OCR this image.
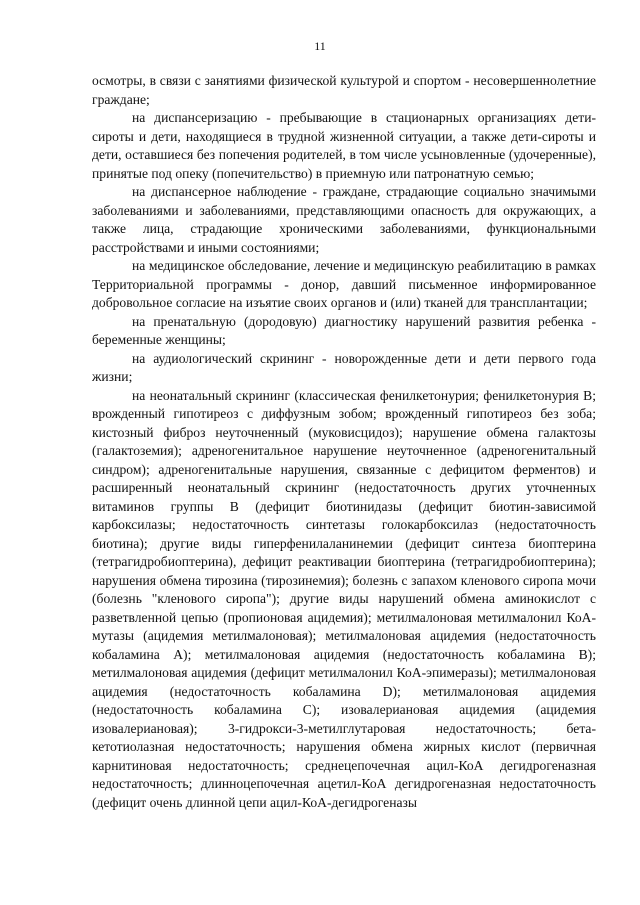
11

осмотры, в связи с занятиями физической культурой и спортом - несовершеннолетние граждане;

на диспансеризацию - пребывающие в стационарных организациях дети-сироты и дети, находящиеся в трудной жизненной ситуации, а также дети-сироты и дети, оставшиеся без попечения родителей, в том числе усыновленные (удочеренные), принятые под опеку (попечительство) в приемную или патронатную семью;

на диспансерное наблюдение - граждане, страдающие социально значимыми заболеваниями и заболеваниями, представляющими опасность для окружающих, а также лица, страдающие хроническими заболеваниями, функциональными расстройствами и иными состояниями;

на медицинское обследование, лечение и медицинскую реабилитацию в рамках Территориальной программы - донор, давший письменное информированное добровольное согласие на изъятие своих органов и (или) тканей для трансплантации;

на пренатальную (дородовую) диагностику нарушений развития ребенка - беременные женщины;

на аудиологический скрининг - новорожденные дети и дети первого года жизни;

на неонатальный скрининг (классическая фенилкетонурия; фенилкетонурия B; врожденный гипотиреоз с диффузным зобом; врожденный гипотиреоз без зоба; кистозный фиброз неуточненный (муковисцидоз); нарушение обмена галактозы (галактоземия); адреногенитальное нарушение неуточненное (адреногенитальный синдром); адреногенитальные нарушения, связанные с дефицитом ферментов) и расширенный неонатальный скрининг (недостаточность других уточненных витаминов группы B (дефицит биотинидазы (дефицит биотин-зависимой карбоксилазы; недостаточность синтетазы голокарбоксилаз (недостаточность биотина); другие виды гиперфенилаланинемии (дефицит синтеза биоптерина (тетрагидробиоптерина), дефицит реактивации биоптерина (тетрагидробиоптерина); нарушения обмена тирозина (тирозинемия); болезнь с запахом кленового сиропа мочи (болезнь "кленового сиропа"); другие виды нарушений обмена аминокислот с разветвленной цепью (пропионовая ацидемия); метилмалоновая метилмалонил КоА-мутазы (ацидемия метилмалоновая); метилмалоновая ацидемия (недостаточность кобаламина A); метилмалоновая ацидемия (недостаточность кобаламина B); метилмалоновая ацидемия (дефицит метилмалонил КоА-эпимеразы); метилмалоновая ацидемия (недостаточность кобаламина D); метилмалоновая ацидемия (недостаточность кобаламина C); изовалериановая ацидемия (ацидемия изовалериановая); 3-гидрокси-3-метилглутаровая недостаточность; бета-кетотиолазная недостаточность; нарушения обмена жирных кислот (первичная карнитиновая недостаточность; среднецепочечная ацил-КоА дегидрогеназная недостаточность; длинноцепочечная ацетил-КоА дегидрогеназная недостаточность (дефицит очень длинной цепи ацил-КоА-дегидрогеназы
